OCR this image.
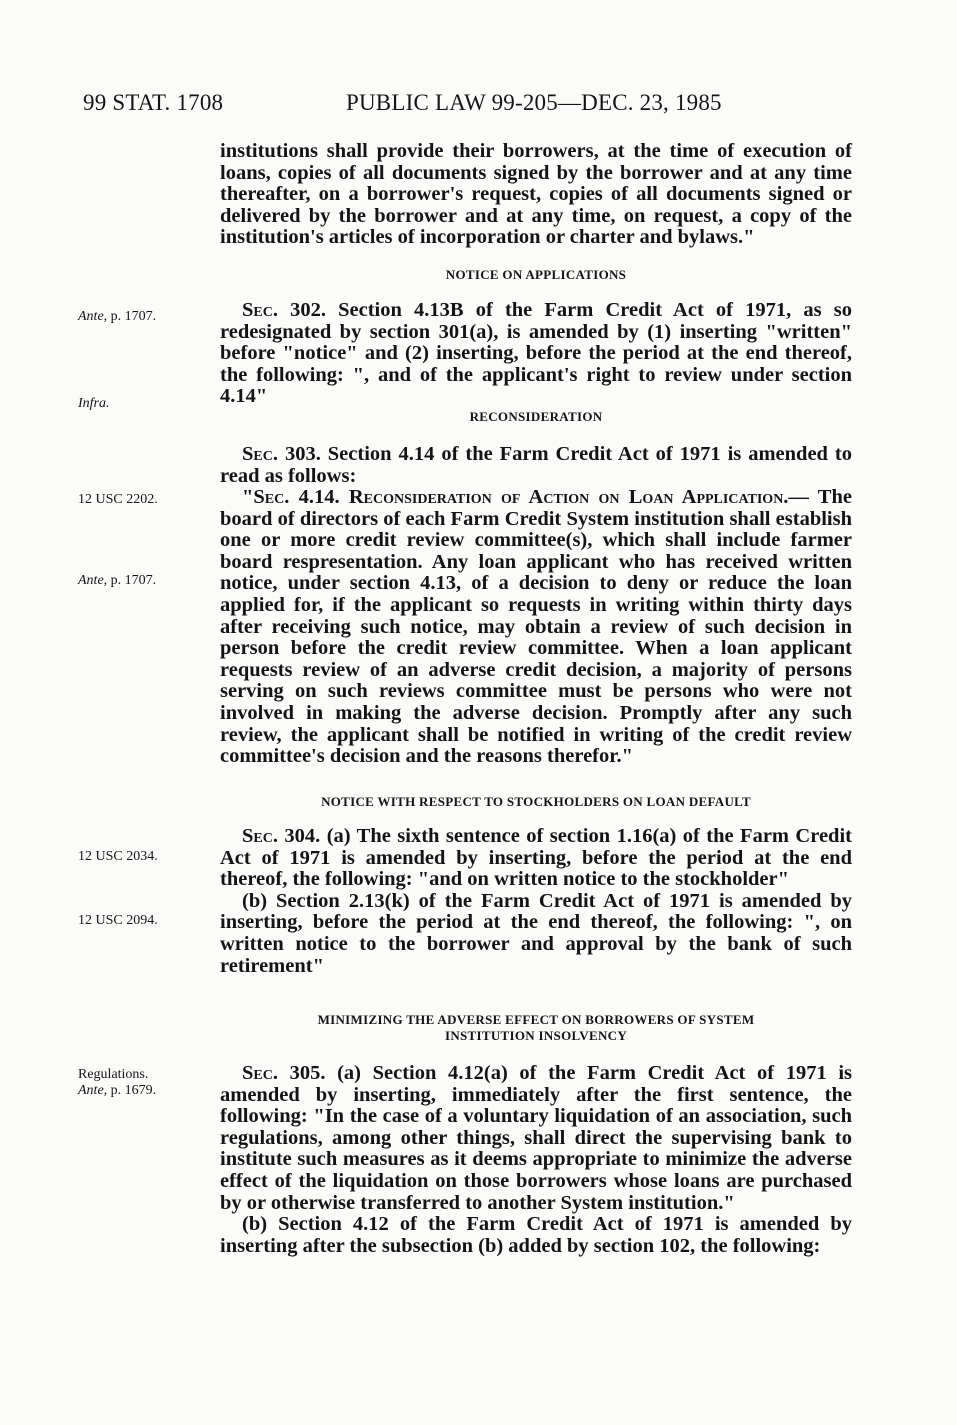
99 STAT. 1708	PUBLIC LAW 99-205—DEC. 23, 1985

institutions shall provide their borrowers, at the time of execution of loans, copies of all documents signed by the borrower and at any time thereafter, on a borrower's request, copies of all documents signed or delivered by the borrower and at any time, on request, a copy of the institution's articles of incorporation or charter and bylaws."

NOTICE ON APPLICATIONS
Ante, p. 1707.
Infra.

Sec. 302. Section 4.13B of the Farm Credit Act of 1971, as so redesignated by section 301(a), is amended by (1) inserting "written" before "notice" and (2) inserting, before the period at the end thereof, the following: ", and of the applicant's right to review under section 4.14"

RECONSIDERATION

Sec. 303. Section 4.14 of the Farm Credit Act of 1971 is amended to read as follows:

12 USC 2202.
Ante, p. 1707.

"Sec. 4.14. Reconsideration of Action on Loan Application.— The board of directors of each Farm Credit System institution shall establish one or more credit review committee(s), which shall include farmer board respresentation. Any loan applicant who has received written notice, under section 4.13, of a decision to deny or reduce the loan applied for, if the applicant so requests in writing within thirty days after receiving such notice, may obtain a review of such decision in person before the credit review committee. When a loan applicant requests review of an adverse credit decision, a majority of persons serving on such reviews committee must be persons who were not involved in making the adverse decision. Promptly after any such review, the applicant shall be notified in writing of the credit review committee's decision and the reasons therefor."

NOTICE WITH RESPECT TO STOCKHOLDERS ON LOAN DEFAULT
12 USC 2034.
12 USC 2094.

Sec. 304. (a) The sixth sentence of section 1.16(a) of the Farm Credit Act of 1971 is amended by inserting, before the period at the end thereof, the following: "and on written notice to the stockholder"

(b) Section 2.13(k) of the Farm Credit Act of 1971 is amended by inserting, before the period at the end thereof, the following: ", on written notice to the borrower and approval by the bank of such retirement"

MINIMIZING THE ADVERSE EFFECT ON BORROWERS OF SYSTEM
INSTITUTION INSOLVENCY
Regulations.
Ante, p. 1679.

Sec. 305. (a) Section 4.12(a) of the Farm Credit Act of 1971 is amended by inserting, immediately after the first sentence, the following: "In the case of a voluntary liquidation of an association, such regulations, among other things, shall direct the supervising bank to institute such measures as it deems appropriate to minimize the adverse effect of the liquidation on those borrowers whose loans are purchased by or otherwise transferred to another System institution."

(b) Section 4.12 of the Farm Credit Act of 1971 is amended by inserting after the subsection (b) added by section 102, the following:
